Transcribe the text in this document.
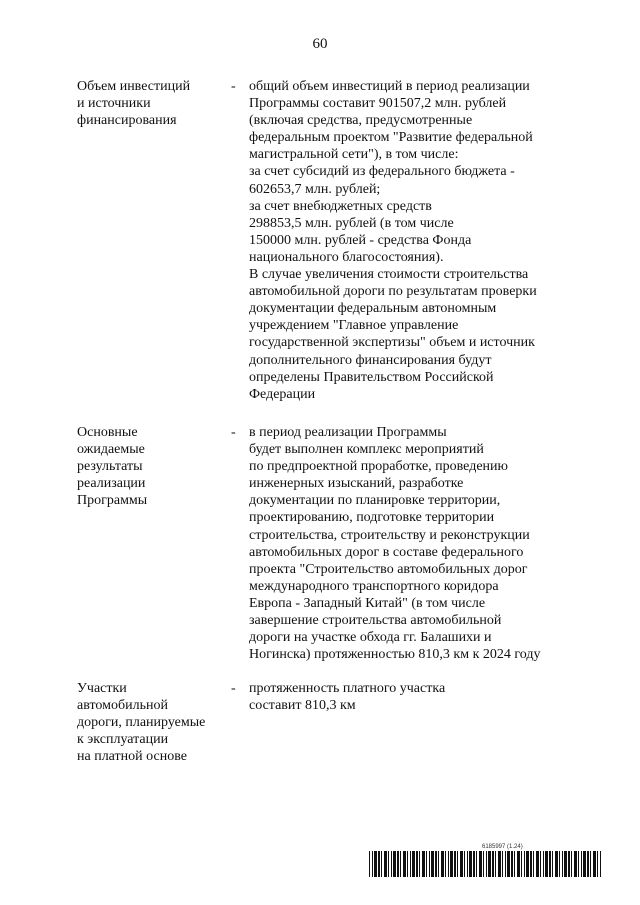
60
Объем инвестиций
и источники
финансирования
- общий объем инвестиций в период реализации
Программы составит 901507,2 млн. рублей
(включая средства, предусмотренные
федеральным проектом "Развитие федеральной
магистральной сети"), в том числе:
за счет субсидий из федерального бюджета -
602653,7 млн. рублей;
за счет внебюджетных средств
298853,5 млн. рублей (в том числе
150000 млн. рублей - средства Фонда
национального благосостояния).
В случае увеличения стоимости строительства
автомобильной дороги по результатам проверки
документации федеральным автономным
учреждением "Главное управление
государственной экспертизы" объем и источник
дополнительного финансирования будут
определены Правительством Российской
Федерации
Основные
ожидаемые
результаты
реализации
Программы
- в период реализации Программы
будет выполнен комплекс мероприятий
по предпроектной проработке, проведению
инженерных изысканий, разработке
документации по планировке территории,
проектированию, подготовке территории
строительства, строительству и реконструкции
автомобильных дорог в составе федерального
проекта "Строительство автомобильных дорог
международного транспортного коридора
Европа - Западный Китай" (в том числе
завершение строительства автомобильной
дороги на участке обхода гг. Балашихи и
Ногинска) протяженностью 810,3 км к 2024 году
Участки
автомобильной
дороги, планируемые
к эксплуатации
на платной основе
- протяженность платного участка
составит 810,3 км
6185997 (1.24)
